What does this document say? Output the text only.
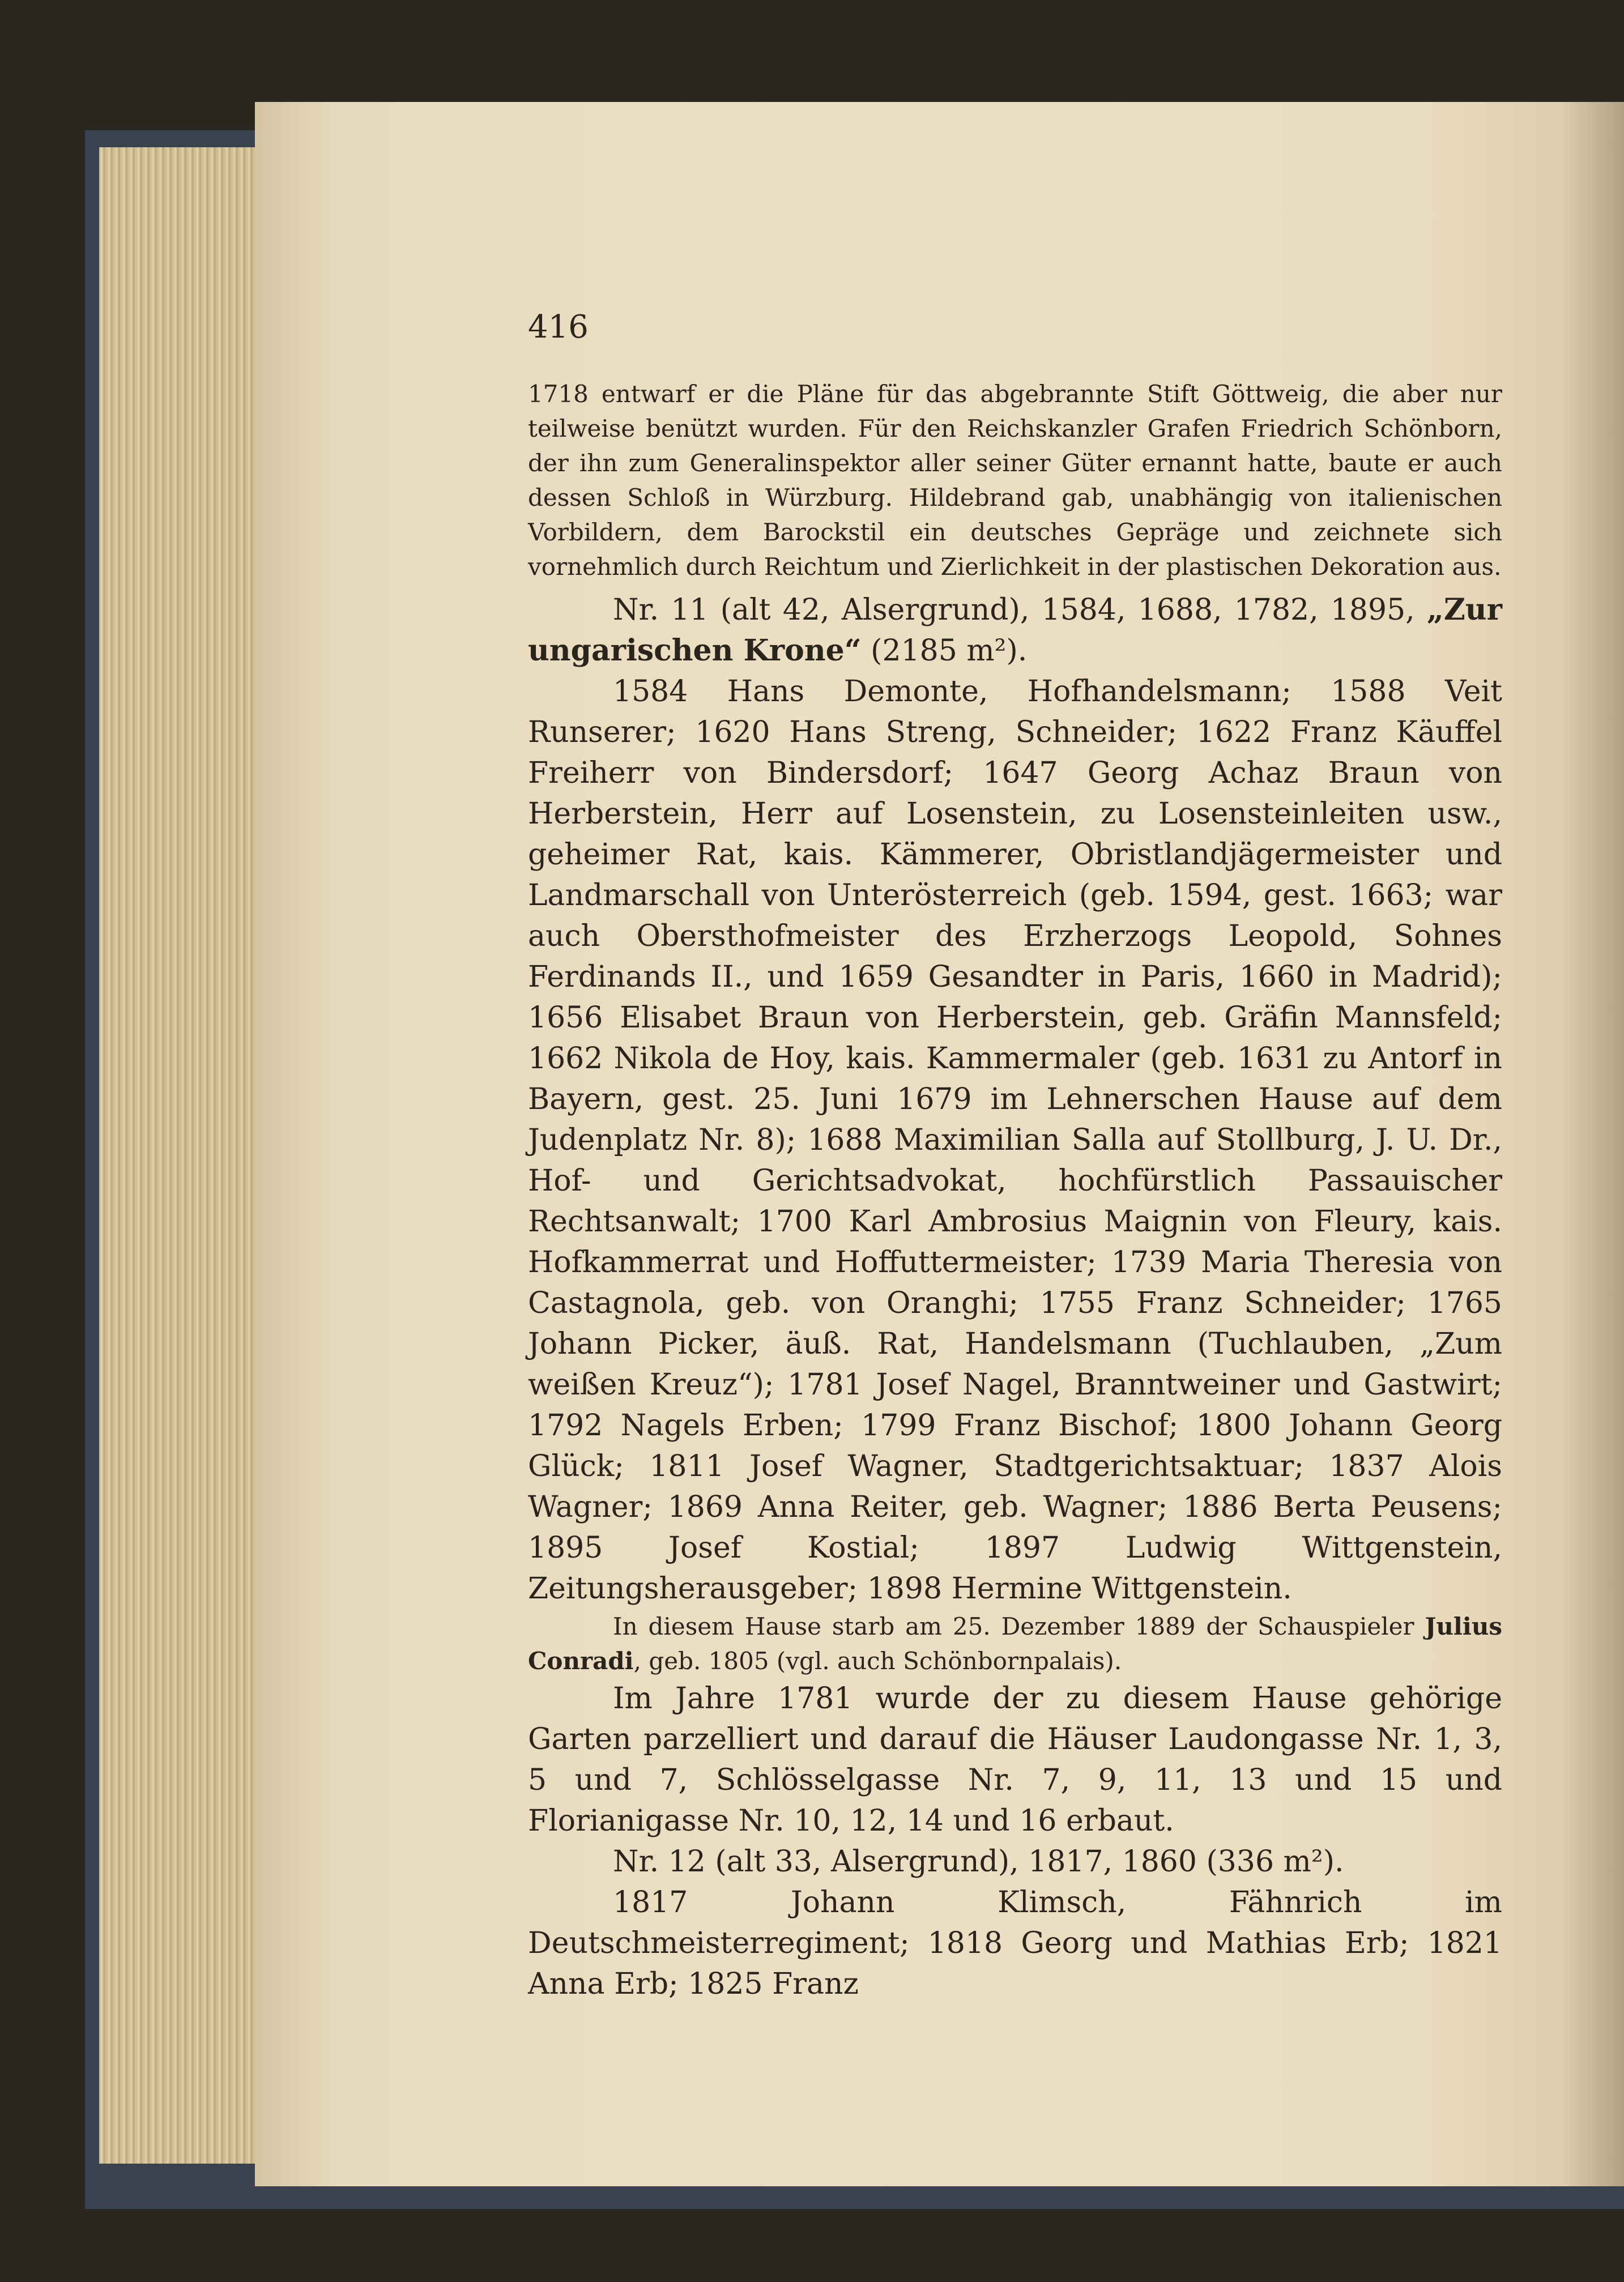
416

1718 entwarf er die Pläne für das abgebrannte Stift Göttweig, die aber nur teilweise benützt wurden. Für den Reichskanzler Grafen Friedrich Schönborn, der ihn zum Generalinspektor aller seiner Güter ernannt hatte, baute er auch dessen Schloß in Würzburg. Hildebrand gab, unabhängig von italienischen Vorbildern, dem Barockstil ein deutsches Gepräge und zeichnete sich vornehmlich durch Reichtum und Zierlichkeit in der plastischen Dekoration aus.

Nr. 11 (alt 42, Alsergrund), 1584, 1688, 1782, 1895, „Zur ungarischen Krone“ (2185 m²).

1584 Hans Demonte, Hofhandelsmann; 1588 Veit Runserer; 1620 Hans Streng, Schneider; 1622 Franz Käuffel Freiherr von Bindersdorf; 1647 Georg Achaz Braun von Herberstein, Herr auf Losenstein, zu Losensteinleiten usw., geheimer Rat, kais. Kämmerer, Obristlandjägermeister und Landmarschall von Unterösterreich (geb. 1594, gest. 1663; war auch Obersthofmeister des Erzherzogs Leopold, Sohnes Ferdinands II., und 1659 Gesandter in Paris, 1660 in Madrid); 1656 Elisabet Braun von Herberstein, geb. Gräfin Mannsfeld; 1662 Nikola de Hoy, kais. Kammermaler (geb. 1631 zu Antorf in Bayern, gest. 25. Juni 1679 im Lehnerschen Hause auf dem Judenplatz Nr. 8); 1688 Maximilian Salla auf Stollburg, J. U. Dr., Hof- und Gerichtsadvokat, hochfürstlich Passauischer Rechtsanwalt; 1700 Karl Ambrosius Maignin von Fleury, kais. Hofkammerrat und Hoffuttermeister; 1739 Maria Theresia von Castagnola, geb. von Oranghi; 1755 Franz Schneider; 1765 Johann Picker, äuß. Rat, Handelsmann (Tuchlauben, „Zum weißen Kreuz“); 1781 Josef Nagel, Branntweiner und Gastwirt; 1792 Nagels Erben; 1799 Franz Bischof; 1800 Johann Georg Glück; 1811 Josef Wagner, Stadtgerichtsaktuar; 1837 Alois Wagner; 1869 Anna Reiter, geb. Wagner; 1886 Berta Peusens; 1895 Josef Kostial; 1897 Ludwig Wittgenstein, Zeitungsherausgeber; 1898 Hermine Wittgenstein.

In diesem Hause starb am 25. Dezember 1889 der Schauspieler Julius Conradi, geb. 1805 (vgl. auch Schönbornpalais).

Im Jahre 1781 wurde der zu diesem Hause gehörige Garten parzelliert und darauf die Häuser Laudongasse Nr. 1, 3, 5 und 7, Schlösselgasse Nr. 7, 9, 11, 13 und 15 und Florianigasse Nr. 10, 12, 14 und 16 erbaut.

Nr. 12 (alt 33, Alsergrund), 1817, 1860 (336 m²).

1817 Johann Klimsch, Fähnrich im Deutschmeisterregiment; 1818 Georg und Mathias Erb; 1821 Anna Erb; 1825 Franz
